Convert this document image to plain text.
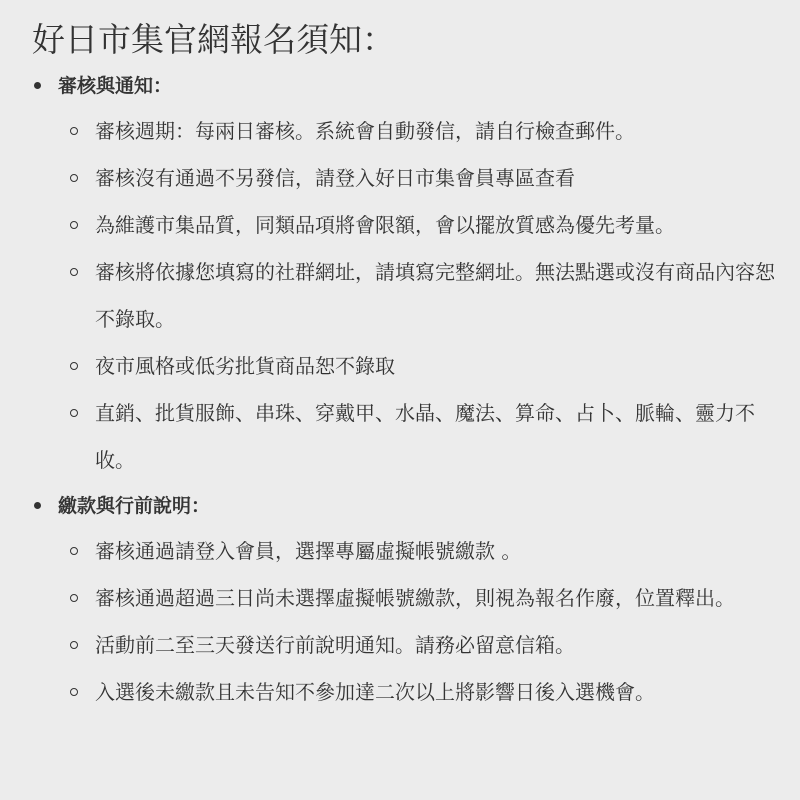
好日市集官網報名須知：
審核與通知：
審核週期：每兩日審核。系統會自動發信，請自行檢查郵件。
審核沒有通過不另發信，請登入好日市集會員專區查看
為維護市集品質，同類品項將會限額，會以擺放質感為優先考量。
審核將依據您填寫的社群網址，請填寫完整網址。無法點選或沒有商品內容恕不錄取。
夜市風格或低劣批貨商品恕不錄取
直銷、批貨服飾、串珠、穿戴甲、水晶、魔法、算命、占卜、脈輪、靈力不收。
繳款與行前說明：
審核通過請登入會員，選擇專屬虛擬帳號繳款 。
審核通過超過三日尚未選擇虛擬帳號繳款，則視為報名作廢，位置釋出。
活動前二至三天發送行前說明通知。請務必留意信箱。
入選後未繳款且未告知不參加達二次以上將影響日後入選機會。
